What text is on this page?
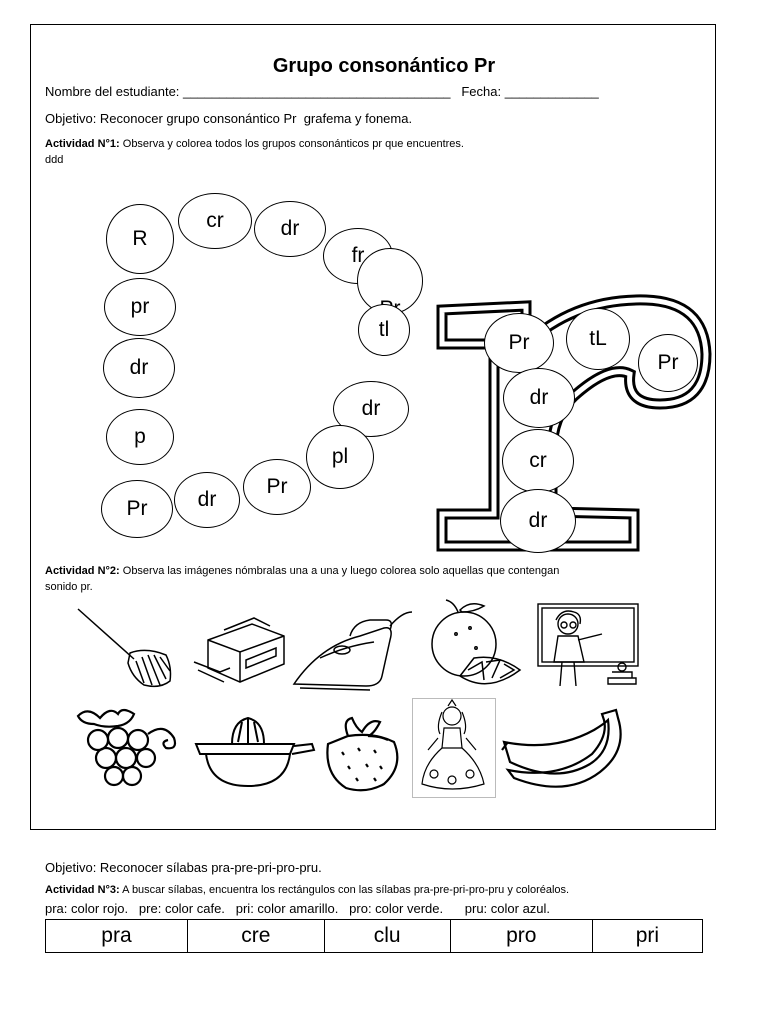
Grupo consonántico Pr
Nombre del estudiante: _____________________________________   Fecha: _____________
Objetivo: Reconocer grupo consonántico Pr  grafema y fonema.
Actividad N°1: Observa y colorea todos los grupos consonánticos pr que encuentres.
ddd
R
cr	dr
fr
pr
tl
dr
dr
p
pl
Pr
dr
Pr
Pr	tL
Pr
dr
cr
dr
Actividad N°2: Observa las imágenes nómbralas una a una y luego colorea solo aquellas que contengan
sonido pr.
Objetivo: Reconocer sílabas pra-pre-pri-pro-pru.
Actividad N°3: A buscar sílabas, encuentra los rectángulos con las sílabas pra-pre-pri-pro-pru y coloréalos.
pra: color rojo.   pre: color cafe.   pri: color amarillo.   pro: color verde.      pru: color azul.
pra	cre	clu	pro	pri
